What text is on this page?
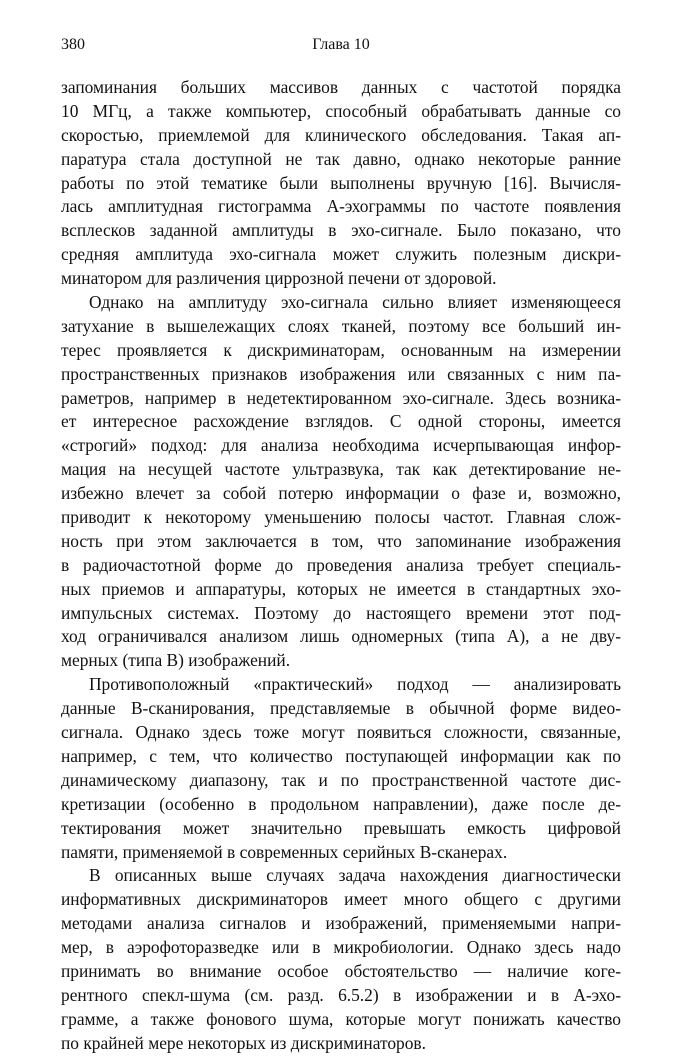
380	Глава 10

запоминания больших массивов данных с частотой порядка
10 МГц, а также компьютер, способный обрабатывать данные со
скоростью, приемлемой для клинического обследования. Такая ап-
паратура стала доступной не так давно, однако некоторые ранние
работы по этой тематике были выполнены вручную [16]. Вычисля-
лась амплитудная гистограмма А-эхограммы по частоте появления
всплесков заданной амплитуды в эхо-сигнале. Было показано, что
средняя амплитуда эхо-сигнала может служить полезным дискри-
минатором для различения циррозной печени от здоровой.

Однако на амплитуду эхо-сигнала сильно влияет изменяющееся
затухание в вышележащих слоях тканей, поэтому все больший ин-
терес проявляется к дискриминаторам, основанным на измерении
пространственных признаков изображения или связанных с ним па-
раметров, например в недетектированном эхо-сигнале. Здесь возника-
ет интересное расхождение взглядов. С одной стороны, имеется
«строгий» подход: для анализа необходима исчерпывающая инфор-
мация на несущей частоте ультразвука, так как детектирование не-
избежно влечет за собой потерю информации о фазе и, возможно,
приводит к некоторому уменьшению полосы частот. Главная слож-
ность при этом заключается в том, что запоминание изображения
в радиочастотной форме до проведения анализа требует специаль-
ных приемов и аппаратуры, которых не имеется в стандартных эхо-
импульсных системах. Поэтому до настоящего времени этот под-
ход ограничивался анализом лишь одномерных (типа А), а не дву-
мерных (типа В) изображений.

Противоположный «практический» подход — анализировать
данные В-сканирования, представляемые в обычной форме видео-
сигнала. Однако здесь тоже могут появиться сложности, связанные,
например, с тем, что количество поступающей информации как по
динамическому диапазону, так и по пространственной частоте дис-
кретизации (особенно в продольном направлении), даже после де-
тектирования может значительно превышать емкость цифровой
памяти, применяемой в современных серийных В-сканерах.

В описанных выше случаях задача нахождения диагностически
информативных дискриминаторов имеет много общего с другими
методами анализа сигналов и изображений, применяемыми напри-
мер, в аэрофоторазведке или в микробиологии. Однако здесь надо
принимать во внимание особое обстоятельство — наличие коге-
рентного спекл-шума (см. разд. 6.5.2) в изображении и в А-эхо-
грамме, а также фонового шума, которые могут понижать качество
по крайней мере некоторых из дискриминаторов.
